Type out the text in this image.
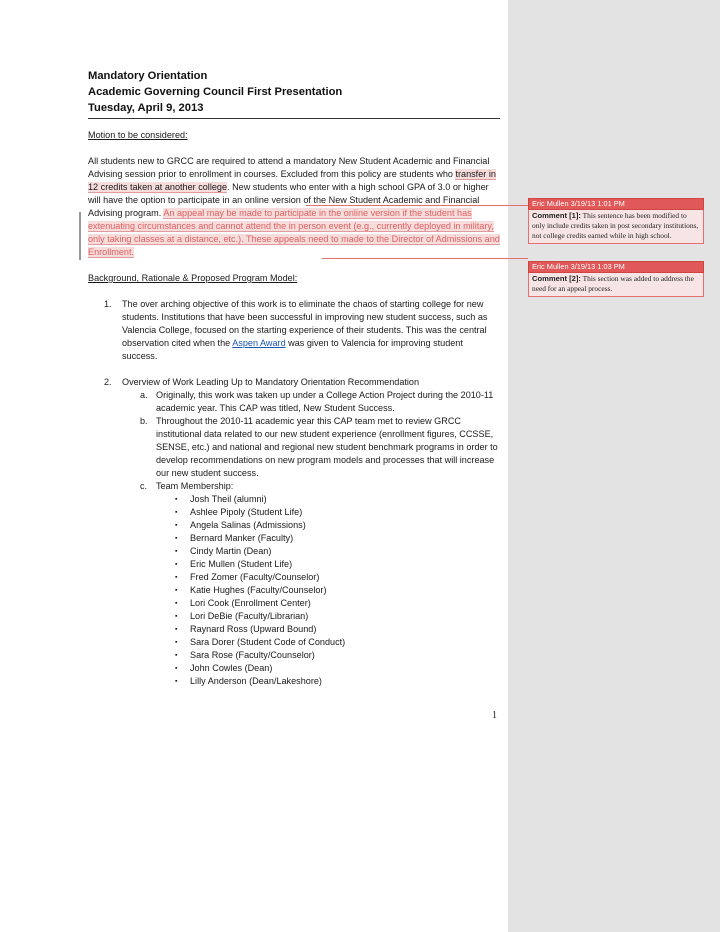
Mandatory Orientation
Academic Governing Council First Presentation
Tuesday, April 9, 2013
Motion to be considered:
All students new to GRCC are required to attend a mandatory New Student Academic and Financial Advising session prior to enrollment in courses. Excluded from this policy are students who transfer in 12 credits taken at another college. New students who enter with a high school GPA of 3.0 or higher will have the option to participate in an online version of the New Student Academic and Financial Advising program. An appeal may be made to participate in the online version if the student has extenuating circumstances and cannot attend the in person event (e.g., currently deployed in military, only taking classes at a distance, etc.). These appeals need to made to the Director of Admissions and Enrollment.
Background, Rationale & Proposed Program Model:
1. The over arching objective of this work is to eliminate the chaos of starting college for new students. Institutions that have been successful in improving new student success, such as Valencia College, focused on the starting experience of their students. This was the central observation cited when the Aspen Award was given to Valencia for improving student success.
2. Overview of Work Leading Up to Mandatory Orientation Recommendation
a. Originally, this work was taken up under a College Action Project during the 2010-11 academic year. This CAP was titled, New Student Success.
b. Throughout the 2010-11 academic year this CAP team met to review GRCC institutional data related to our new student experience (enrollment figures, CCSSE, SENSE, etc.) and national and regional new student benchmark programs in order to develop recommendations on new program models and processes that will increase our new student success.
c. Team Membership:
▪ Josh Theil (alumni)
▪ Ashlee Pipoly (Student Life)
▪ Angela Salinas (Admissions)
▪ Bernard Manker (Faculty)
▪ Cindy Martin (Dean)
▪ Eric Mullen (Student Life)
▪ Fred Zomer (Faculty/Counselor)
▪ Katie Hughes (Faculty/Counselor)
▪ Lori Cook (Enrollment Center)
▪ Lori DeBie (Faculty/Librarian)
▪ Raynard Ross (Upward Bound)
▪ Sara Dorer (Student Code of Conduct)
▪ Sara Rose (Faculty/Counselor)
▪ John Cowles (Dean)
▪ Lilly Anderson (Dean/Lakeshore)
1
Eric Mullen 3/19/13 1:01 PM
Comment [1]: This sentence has been modified to only include credits taken in post secondary institutions, not college credits earned while in high school.
Eric Mullen 3/19/13 1:03 PM
Comment [2]: This section was added to address the need for an appeal process.
